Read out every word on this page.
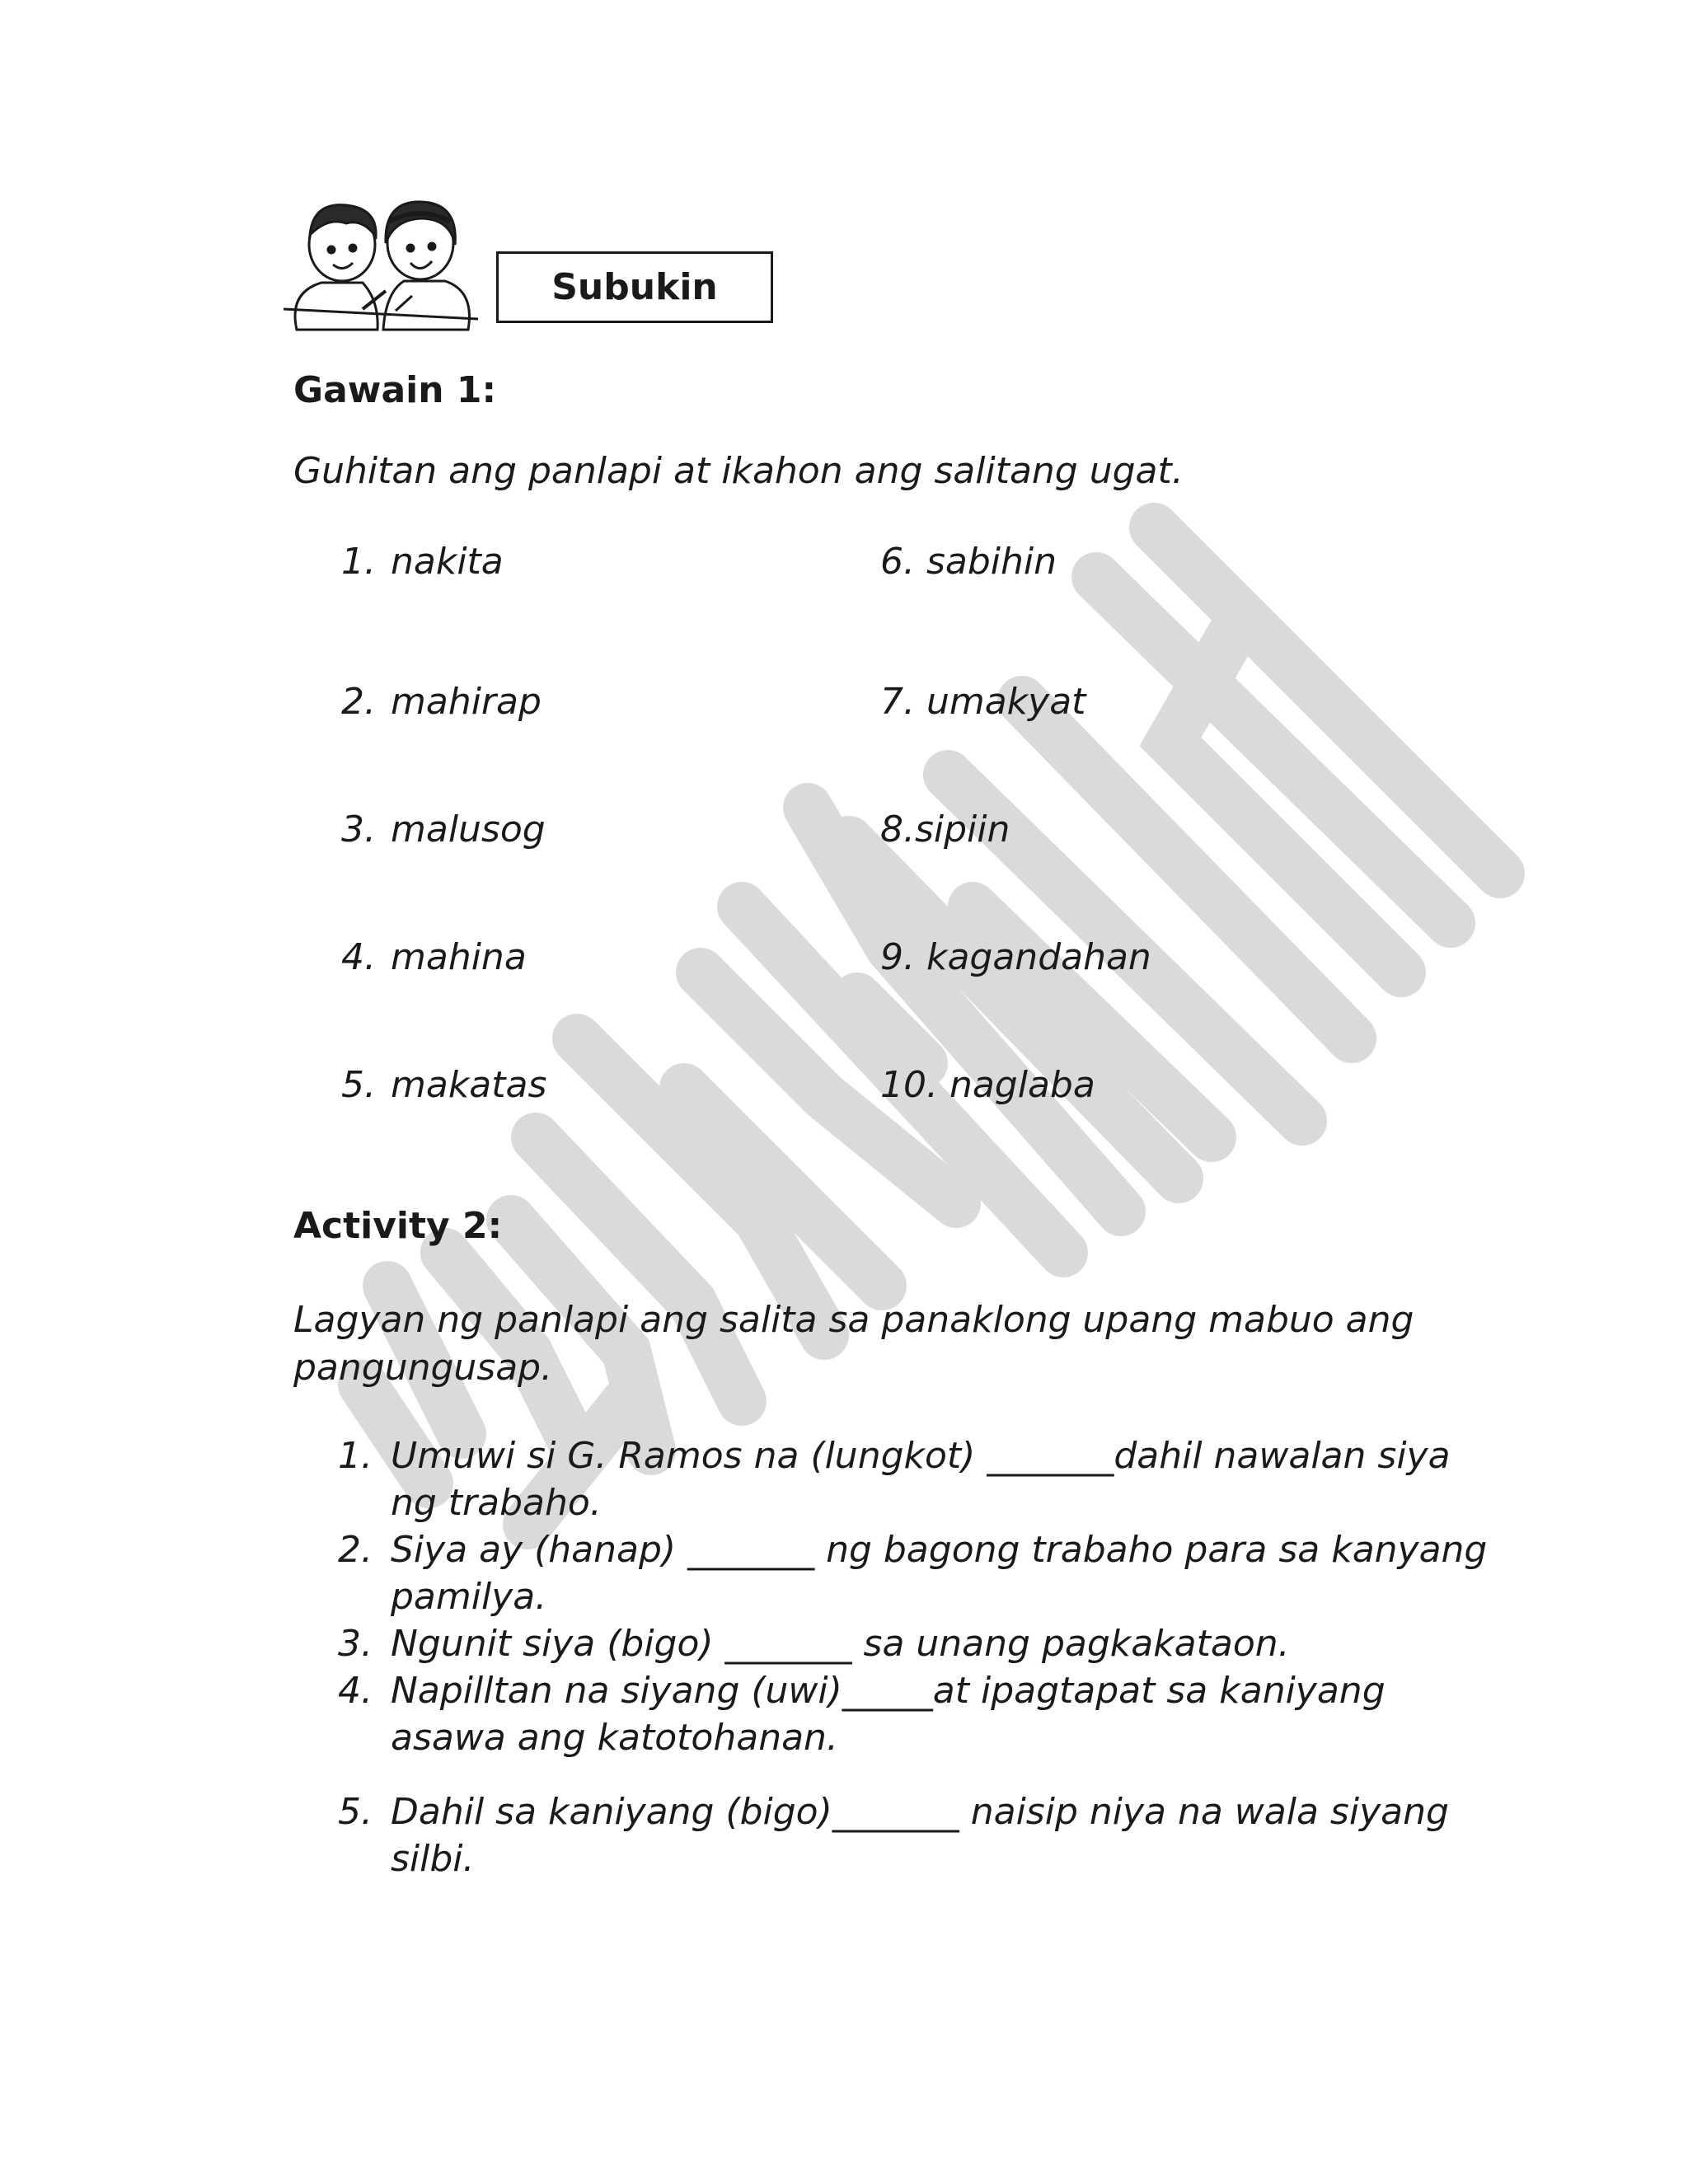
Subukin
Gawain 1:
Guhitan ang panlapi at ikahon ang salitang ugat.
1. nakita
2. mahirap
3. malusog
4. mahina
5. makatas
6. sabihin
7. umakyat
8.sipiin
9. kagandahan
10. naglaba
Activity 2:
Lagyan ng panlapi ang salita sa panaklong upang mabuo ang pangungusap.
1. Umuwi si G. Ramos na (lungkot) _______dahil nawalan siya ng trabaho.
2. Siya ay (hanap) _______ ng bagong trabaho para sa kanyang pamilya.
3. Ngunit siya (bigo) _______ sa unang pagkakataon.
4. Napilltan na siyang (uwi)_____at ipagtapat sa kaniyang asawa ang katotohanan.
5. Dahil sa kaniyang (bigo)_______ naisip niya na wala siyang silbi.
